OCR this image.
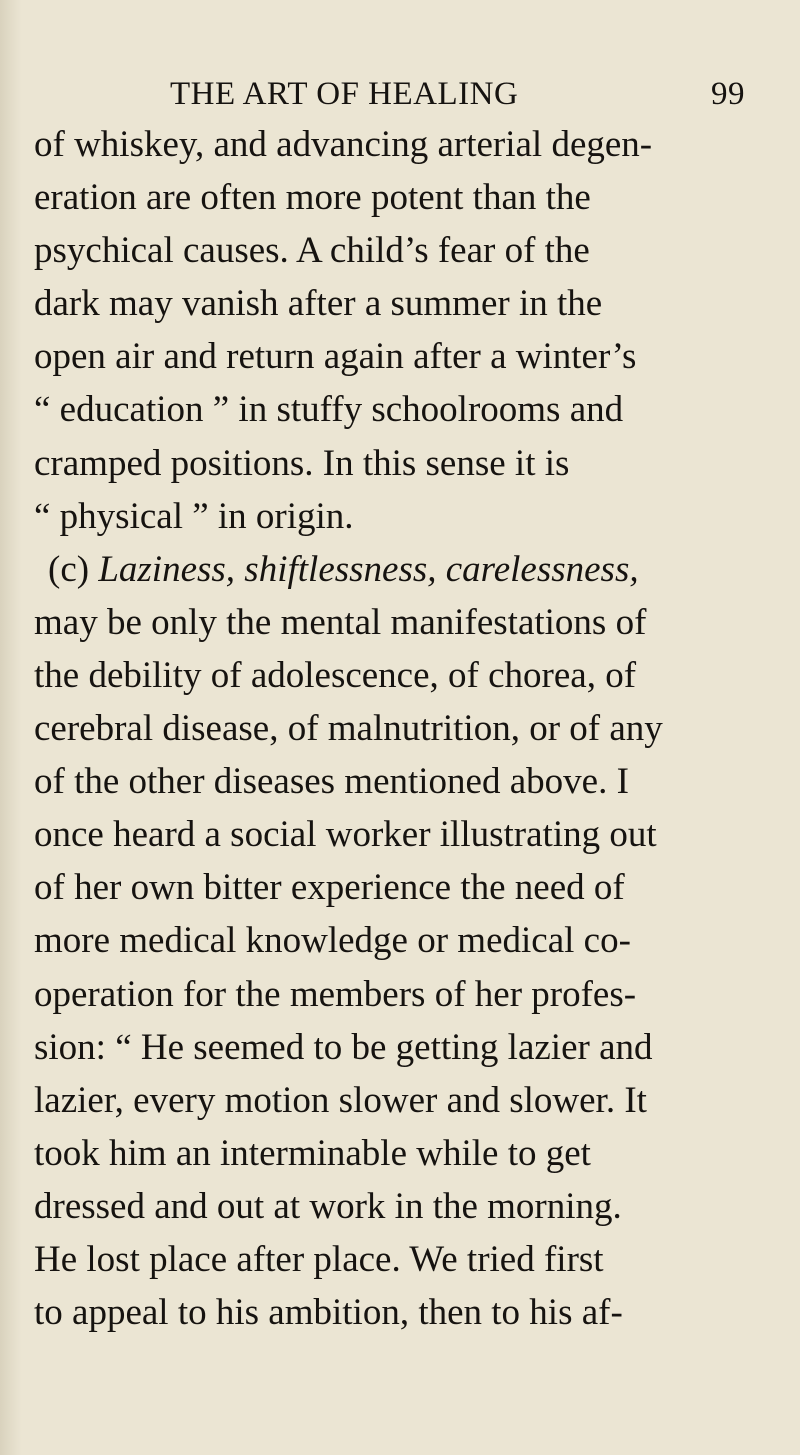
THE ART OF HEALING	99
of whiskey, and advancing arterial degen-
eration are often more potent than the
psychical causes. A child’s fear of the
dark may vanish after a summer in the
open air and return again after a winter’s
“ education ” in stuffy schoolrooms and
cramped positions. In this sense it is
“ physical ” in origin.
(c) Laziness, shiftlessness, carelessness,
may be only the mental manifestations of
the debility of adolescence, of chorea, of
cerebral disease, of malnutrition, or of any
of the other diseases mentioned above. I
once heard a social worker illustrating out
of her own bitter experience the need of
more medical knowledge or medical co-
operation for the members of her profes-
sion: “ He seemed to be getting lazier and
lazier, every motion slower and slower. It
took him an interminable while to get
dressed and out at work in the morning.
He lost place after place. We tried first
to appeal to his ambition, then to his af-
